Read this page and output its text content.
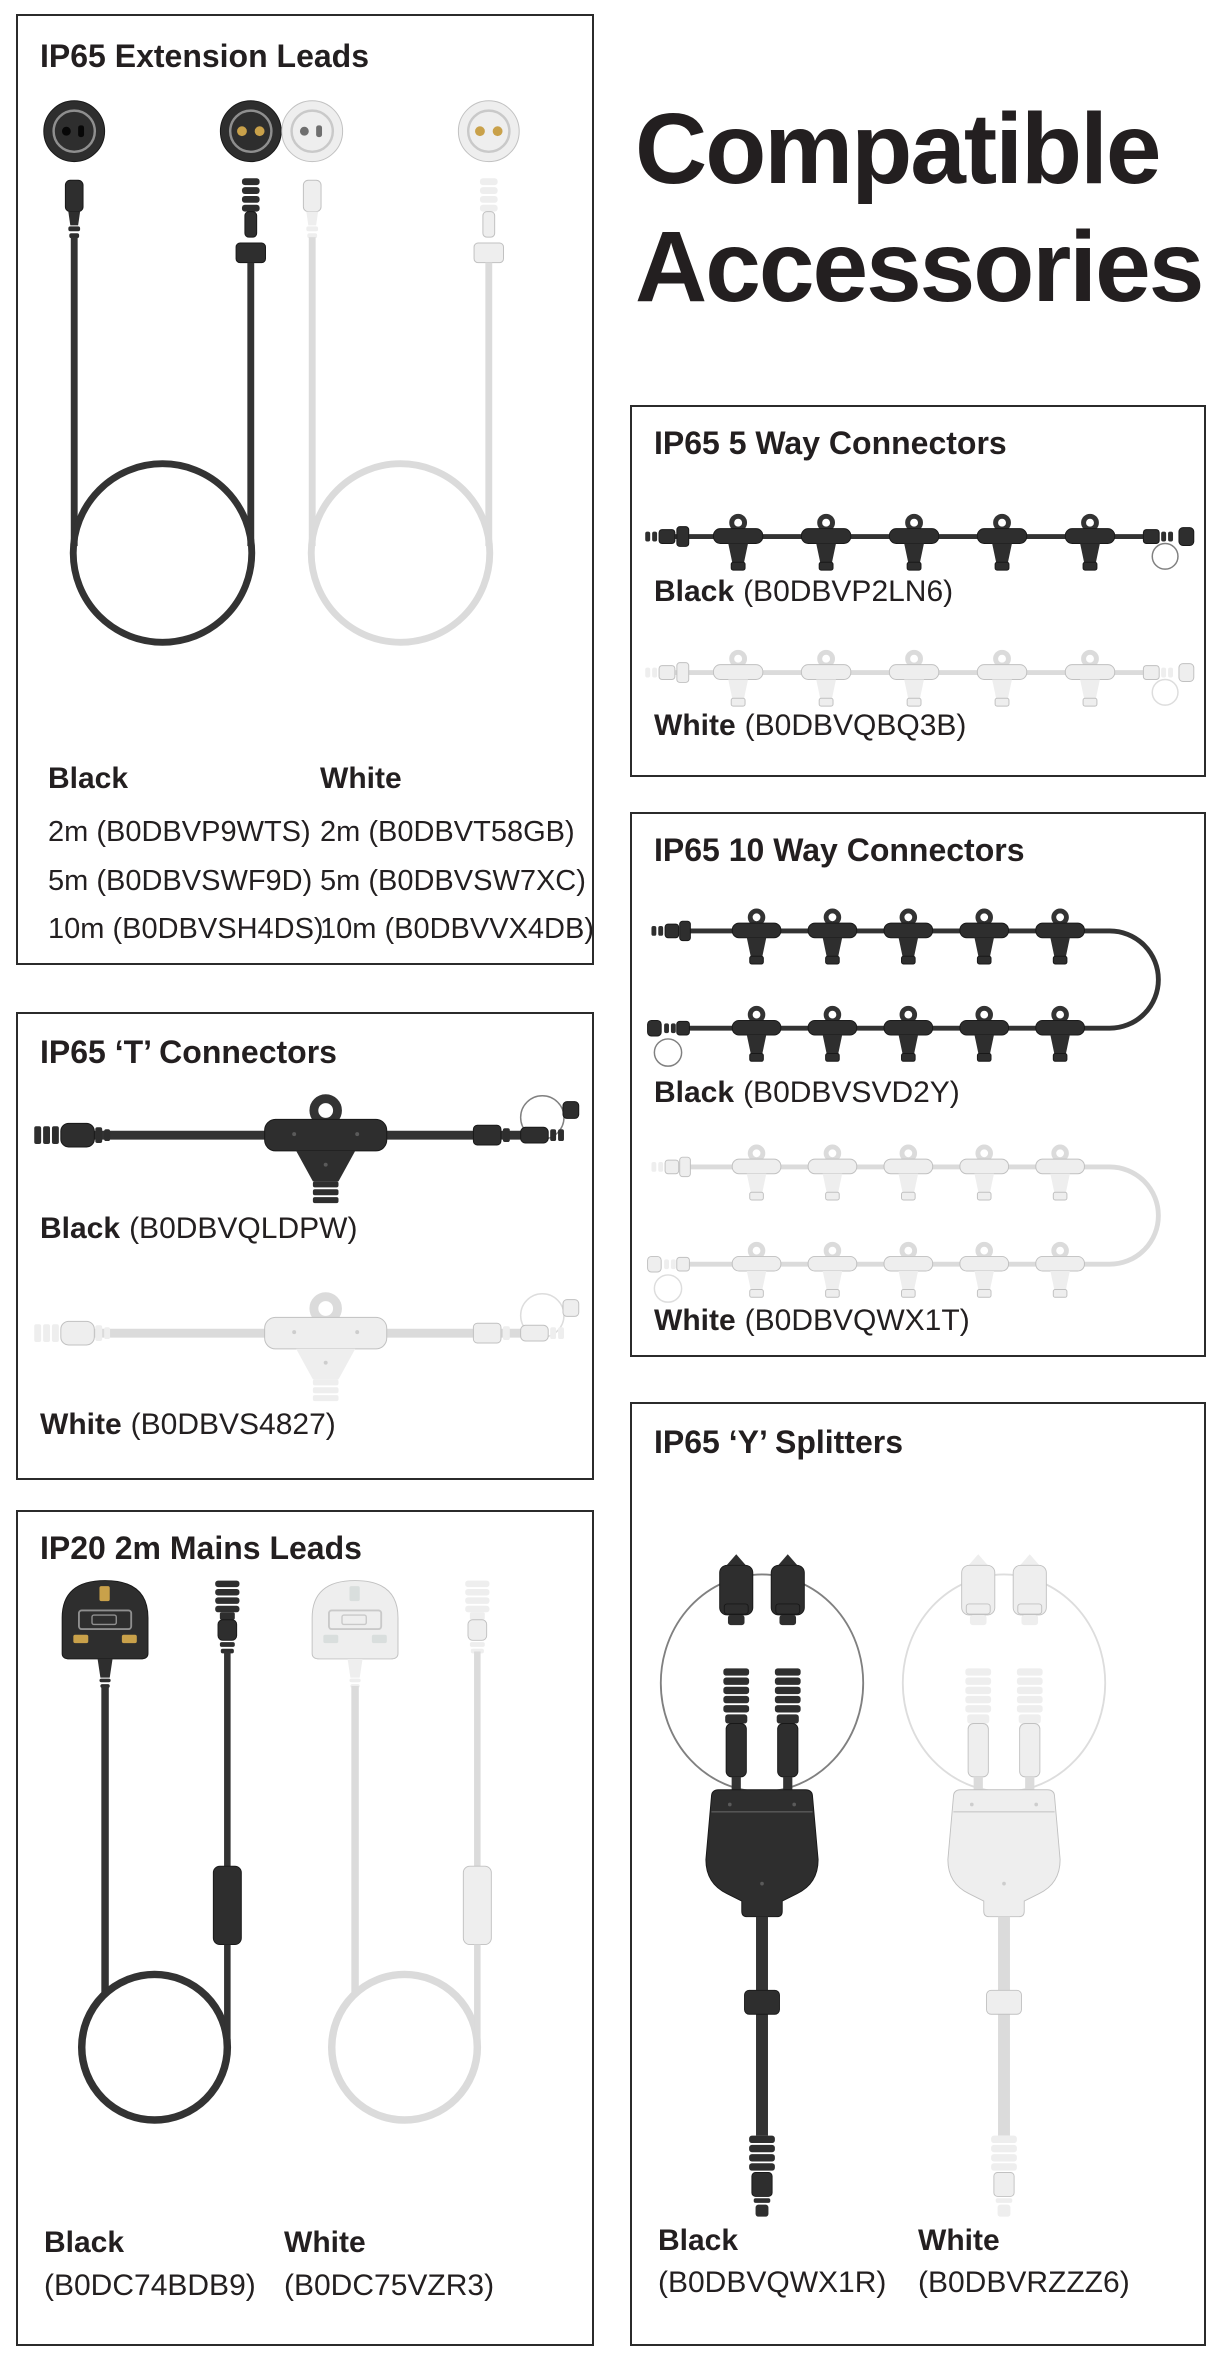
Compatible
Accessories
IP65 Extension Leads
Black
2m (B0DBVP9WTS)
5m (B0DBVSWF9D)
10m (B0DBVSH4DS)
White
2m (B0DBVT58GB)
5m (B0DBVSW7XC)
10m (B0DBVVX4DB)
IP65 ‘T’ Connectors
Black (B0DBVQLDPW)
White (B0DBVS4827)
IP20 2m Mains Leads
Black
(B0DC74BDB9)
White
(B0DC75VZR3)
IP65 5 Way Connectors
Black (B0DBVP2LN6)
White (B0DBVQBQ3B)
IP65 10 Way Connectors
Black (B0DBVSVD2Y)
White (B0DBVQWX1T)
IP65 ‘Y’ Splitters
Black
(B0DBVQWX1R)
White
(B0DBVRZZZ6)
